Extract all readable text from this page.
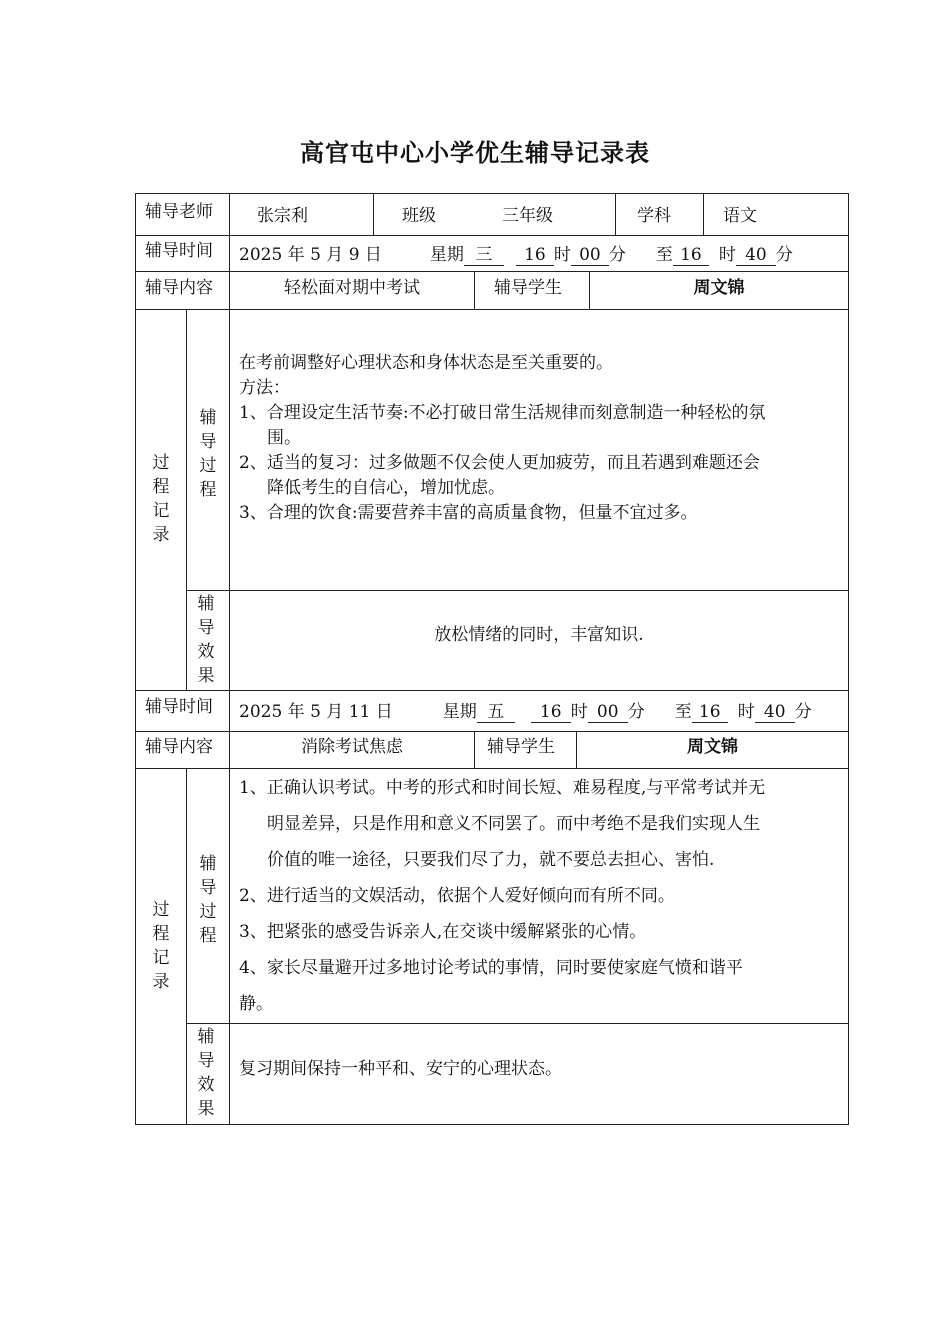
高官屯中心小学优生辅导记录表
辅导老师	张宗利	班级	三年级	学科	语文
辅导时间 2025 年 5 月 9 日	星期 三 16 时 00 分 至 16 时 40 分
辅导内容	轻松面对期中考试	辅导学生	周文锦
过程记录
辅导过程
在考前调整好心理状态和身体状态是至关重要的。
方法：
1、合理设定生活节奏:不必打破日常生活规律而刻意制造一种轻松的氛
围。
2、适当的复习：过多做题不仅会使人更加疲劳，而且若遇到难题还会
降低考生的自信心，增加忧虑。
3、合理的饮食:需要营养丰富的高质量食物，但量不宜过多。
辅导效果
放松情绪的同时，丰富知识.
辅导时间 2025 年 5 月 11 日	星期 五 16 时 00 分 至 16 时 40 分
辅导内容	消除考试焦虑	辅导学生	周文锦
过程记录
辅导过程
1、正确认识考试。中考的形式和时间长短、难易程度,与平常考试并无
明显差异，只是作用和意义不同罢了。而中考绝不是我们实现人生
价值的唯一途径，只要我们尽了力，就不要总去担心、害怕.
2、进行适当的文娱活动，依据个人爱好倾向而有所不同。
3、把紧张的感受告诉亲人,在交谈中缓解紧张的心情。
4、家长尽量避开过多地讨论考试的事情，同时要使家庭气愤和谐平
静。
辅导效果
复习期间保持一种平和、安宁的心理状态。
